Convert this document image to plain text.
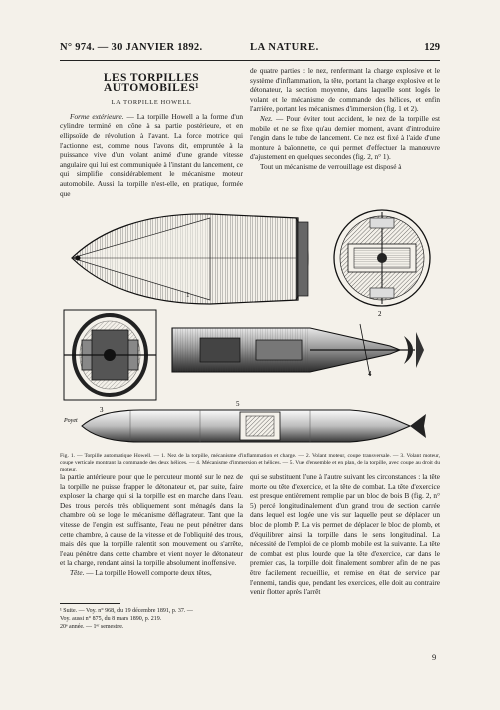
N° 974. — 30 JANVIER 1892.	LA NATURE.	129
LES TORPILLES AUTOMOBILES¹
LA TORPILLE HOWELL

Forme extérieure. — La torpille Howell a la forme d'un cylindre terminé en cône à sa partie postérieure, et en ellipsoïde de révolution à l'avant. La force motrice qui l'actionne est, comme nous l'avons dit, empruntée à la puissance vive d'un volant animé d'une grande vitesse angulaire qui lui est communiquée à l'instant du lancement, ce qui simplifie considérablement le mécanisme moteur automobile. Aussi la torpille n'est-elle, en pratique, formée que

de quatre parties : le nez, renfermant la charge explosive et le système d'inflammation, la tête, portant la charge explosive et le détonateur, la section moyenne, dans laquelle sont logés le volant et le mécanisme de commande des hélices, et enfin l'arrière, portant les mécanismes d'immersion (fig. 1 et 2).

Nez. — Pour éviter tout accident, le nez de la torpille est mobile et ne se fixe qu'au dernier moment, avant d'introduire l'engin dans le tube de lancement. Ce nez est fixé à l'aide d'une monture à baïonnette, ce qui permet d'effectuer la manœuvre d'ajustement en quelques secondes (fig. 2, n° 1).

Tout un mécanisme de verrouillage est disposé à

1
2
3
4
5
Poyet
Fig. 1. — Torpille automatique Howell. — 1. Nez de la torpille, mécanisme d'inflammation et charge. — 2. Volant moteur, coupe transversale. — 3. Volant moteur, coupe verticale montrant la commande des deux hélices. — 4. Mécanisme d'immersion et hélices. — 5. Vue d'ensemble et en plan, de la torpille, avec coupe au droit du moteur.

la partie antérieure pour que le percuteur monté sur le nez de la torpille ne puisse frapper le détonateur et, par suite, faire exploser la charge qui si la torpille est en marche dans l'eau. Des trous percés très obliquement sont ménagés dans la chambre où se loge le mécanisme déflagrateur. Tant que la vitesse de l'engin est suffisante, l'eau ne peut pénétrer dans cette chambre, à cause de la vitesse et de l'obliquité des trous, mais dès que la torpille ralentit son mouvement ou s'arrête, l'eau pénètre dans cette chambre et vient noyer le détonateur et la charge, rendant ainsi la torpille absolument inoffensive.

Tête. — La torpille Howell comporte deux têtes,

qui se substituent l'une à l'autre suivant les circonstances : la tête morte ou tête d'exercice, et la tête de combat. La tête d'exercice est presque entièrement remplie par un bloc de bois B (fig. 2, n° 5) percé longitudinalement d'un grand trou de section carrée dans lequel est logée une vis sur laquelle peut se déplacer un bloc de plomb P. La vis permet de déplacer le bloc de plomb, et d'équilibrer ainsi la torpille dans le sens longitudinal. La nécessité de l'emploi de ce plomb mobile est la suivante. La tête de combat est plus lourde que la tête d'exercice, car dans le premier cas, la torpille doit finalement sombrer afin de ne pas être facilement recueillie, et remise en état de service par l'ennemi, tandis que, pendant les exercices, elle doit au contraire venir flotter après l'arrêt

¹ Suite. — Voy. n° 968, du 19 décembre 1891, p. 37. —
Voy. aussi n° 875, du 8 mars 1890, p. 219.
20ᵉ année. — 1ᵉʳ semestre.
9
